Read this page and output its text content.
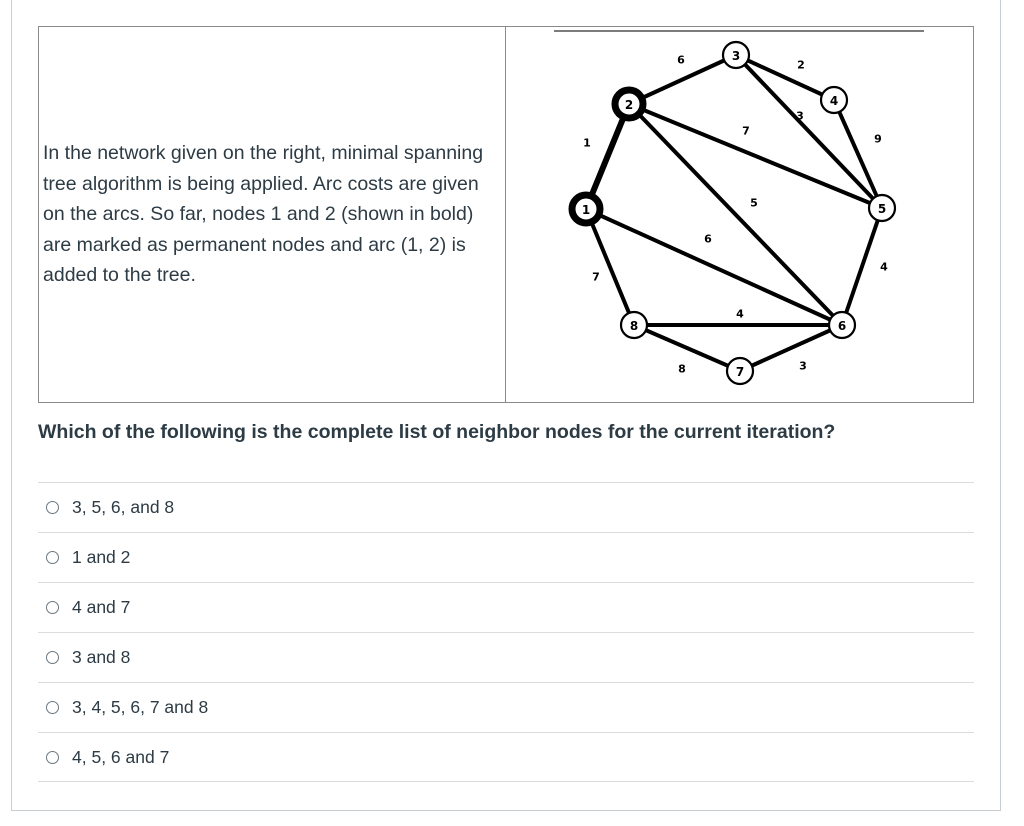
In the network given on the right, minimal spanning tree algorithm is being applied. Arc costs are given on the arcs. So far, nodes 1 and 2 (shown in bold) are marked as permanent nodes and arc (1, 2) is added to the tree.

1
6	2
3
7
9
5
6
4
4
7
8	3
1
2
3
4
5
6
7
8
Which of the following is the complete list of neighbor nodes for the current iteration?
3, 5, 6, and 8
1 and 2
4 and 7
3 and 8
3, 4, 5, 6, 7 and 8
4, 5, 6 and 7
